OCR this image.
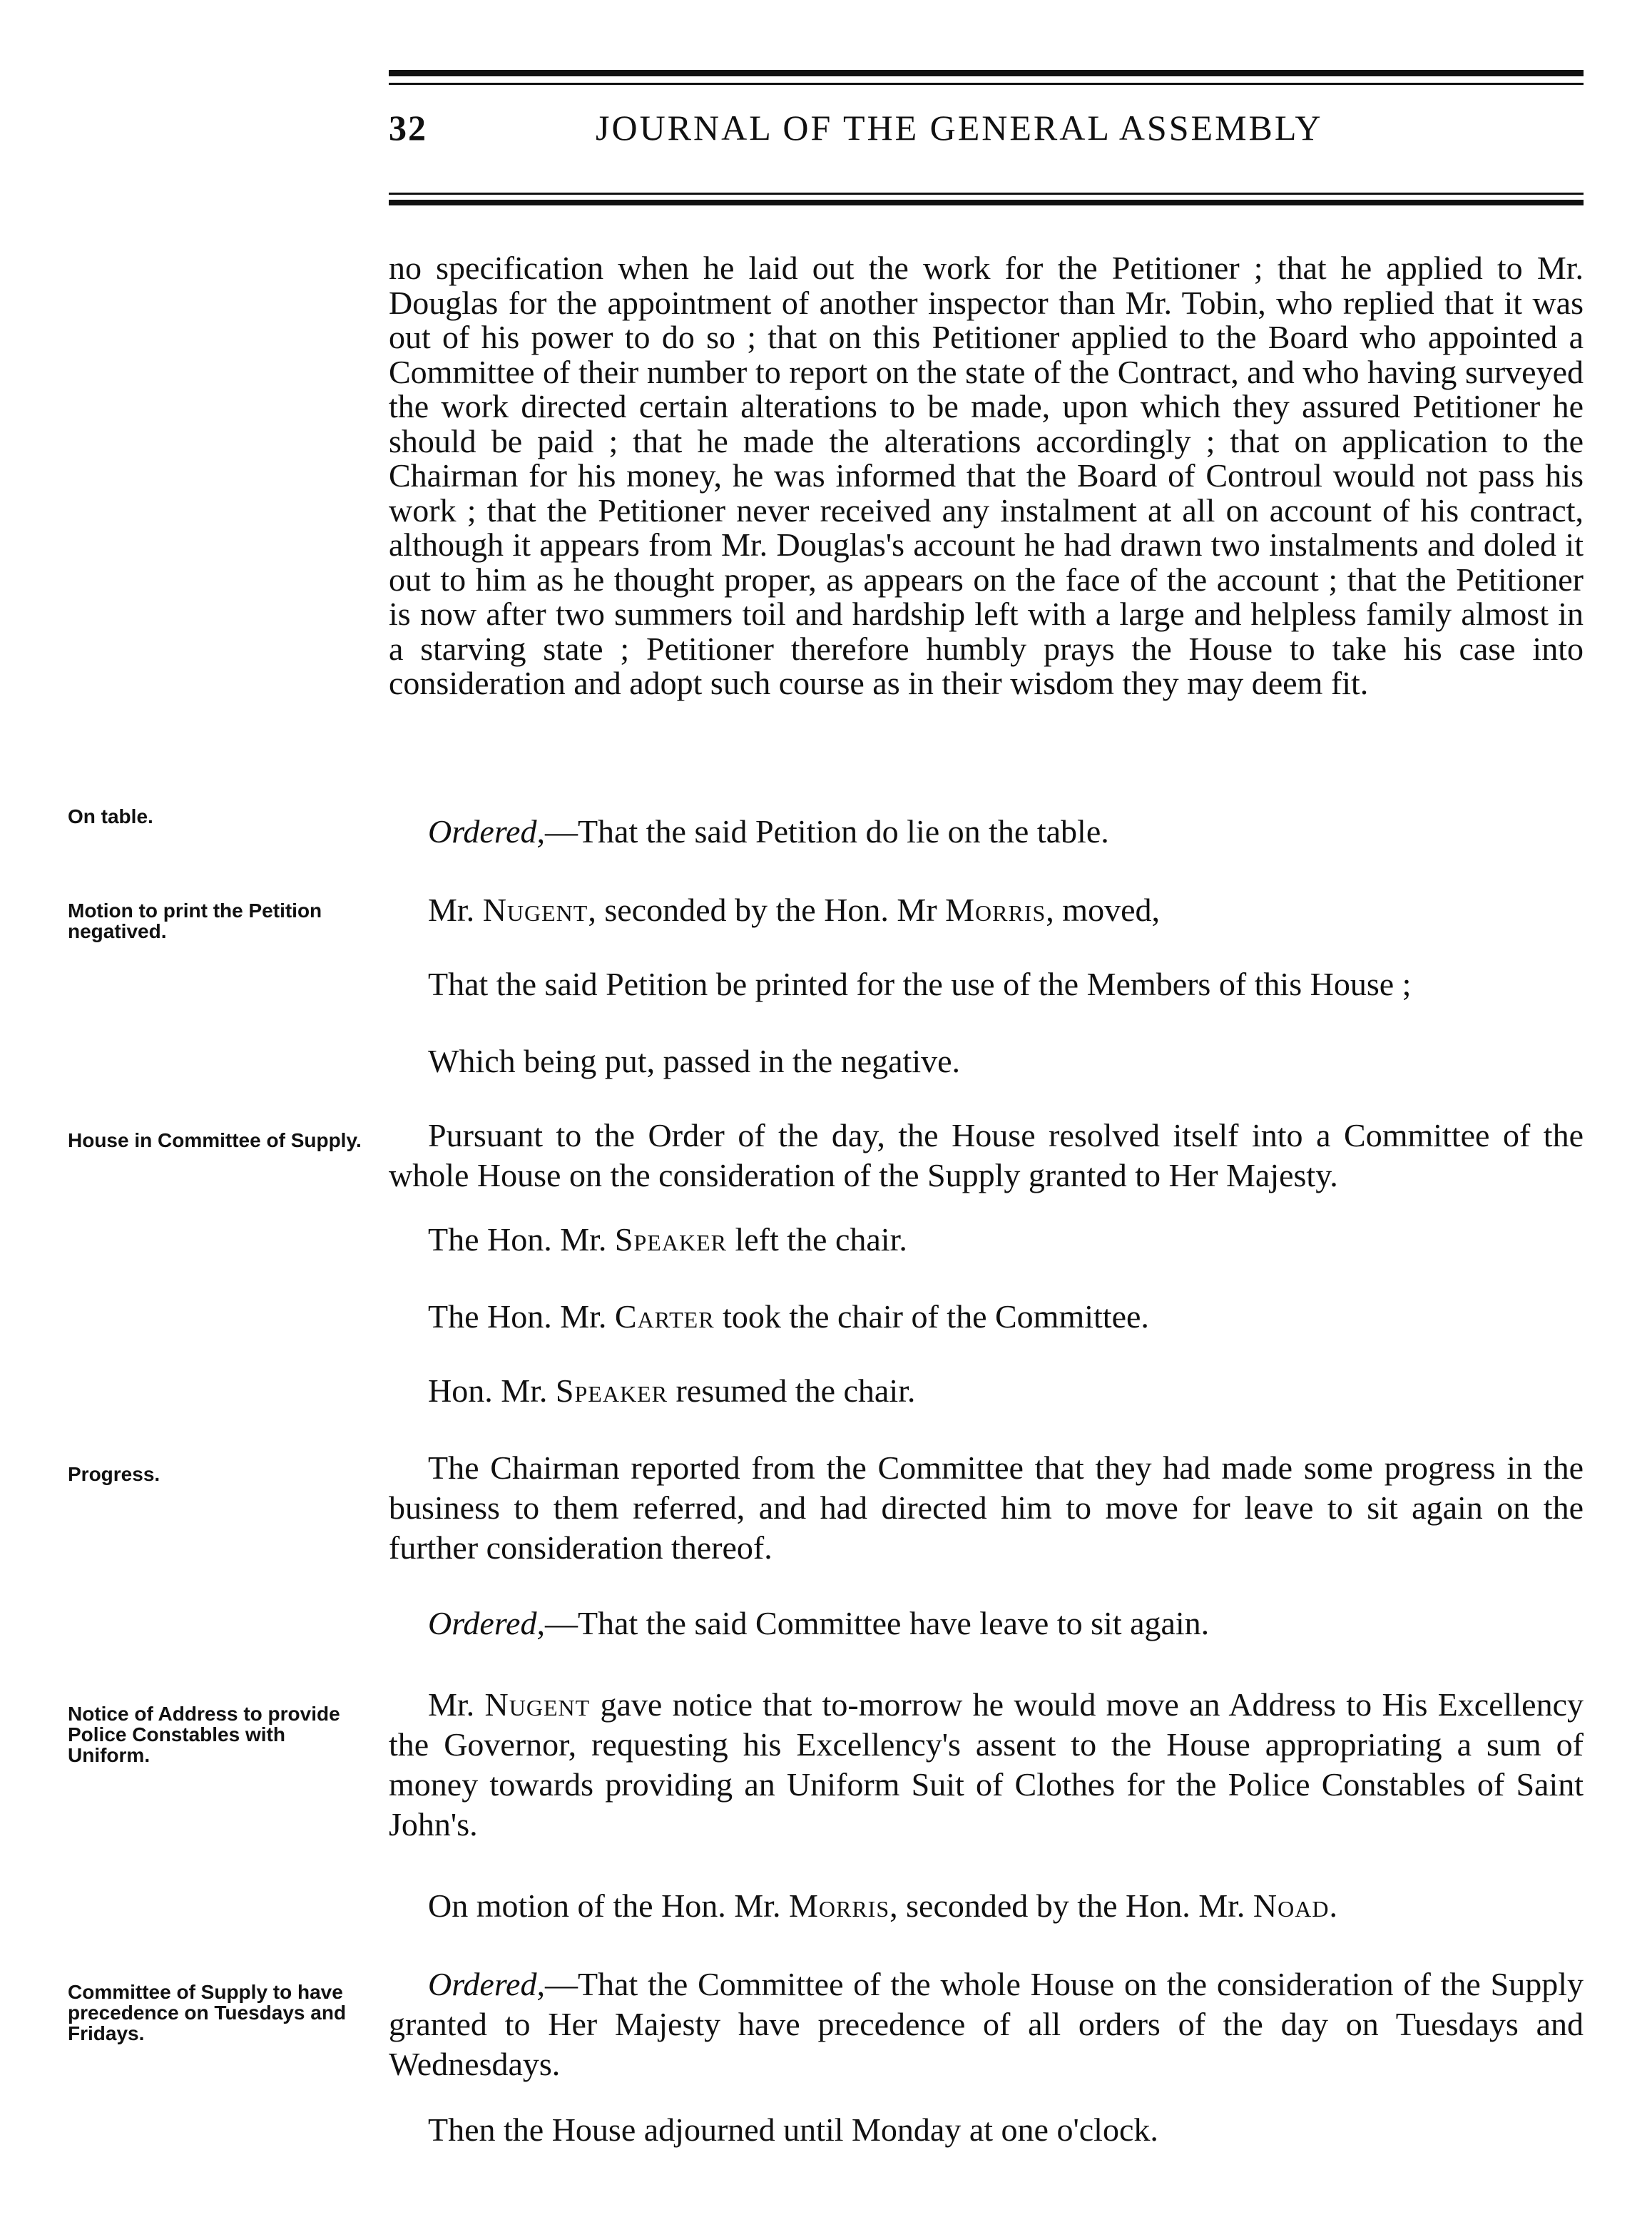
32	JOURNAL OF THE GENERAL ASSEMBLY
no specification when he laid out the work for the Petitioner ; that he applied to Mr. Douglas for the appointment of another inspector than Mr. Tobin, who replied that it was out of his power to do so ; that on this Petitioner applied to the Board who appointed a Committee of their number to report on the state of the Contract, and who having surveyed the work directed certain alterations to be made, upon which they assured Petitioner he should be paid ; that he made the alterations accordingly ; that on application to the Chairman for his money, he was informed that the Board of Controul would not pass his work ; that the Petitioner never received any instalment at all on account of his contract, although it appears from Mr. Douglas's account he had drawn two instalments and doled it out to him as he thought proper, as appears on the face of the account ; that the Petitioner is now after two summers toil and hardship left with a large and helpless family almost in a starving state ; Petitioner therefore humbly prays the House to take his case into consideration and adopt such course as in their wisdom they may deem fit.
On table.
Motion to print the Petition negatived.
House in Committee of Supply.
Progress.
Notice of Address to provide Police Constables with Uniform.
Committee of Supply to have precedence on Tuesdays and Fridays.
Ordered,—That the said Petition do lie on the table.
Mr. Nugent, seconded by the Hon. Mr Morris, moved,
That the said Petition be printed for the use of the Members of this House ;
Which being put, passed in the negative.
Pursuant to the Order of the day, the House resolved itself into a Committee of the whole House on the consideration of the Supply granted to Her Majesty.
The Hon. Mr. Speaker left the chair.
The Hon. Mr. Carter took the chair of the Committee.
Hon. Mr. Speaker resumed the chair.
The Chairman reported from the Committee that they had made some progress in the business to them referred, and had directed him to move for leave to sit again on the further consideration thereof.
Ordered,—That the said Committee have leave to sit again.
Mr. Nugent gave notice that to-morrow he would move an Address to His Excellency the Governor, requesting his Excellency's assent to the House appropriating a sum of money towards providing an Uniform Suit of Clothes for the Police Constables of Saint John's.
On motion of the Hon. Mr. Morris, seconded by the Hon. Mr. Noad.
Ordered,—That the Committee of the whole House on the consideration of the Supply granted to Her Majesty have precedence of all orders of the day on Tuesdays and Wednesdays.
Then the House adjourned until Monday at one o'clock.
